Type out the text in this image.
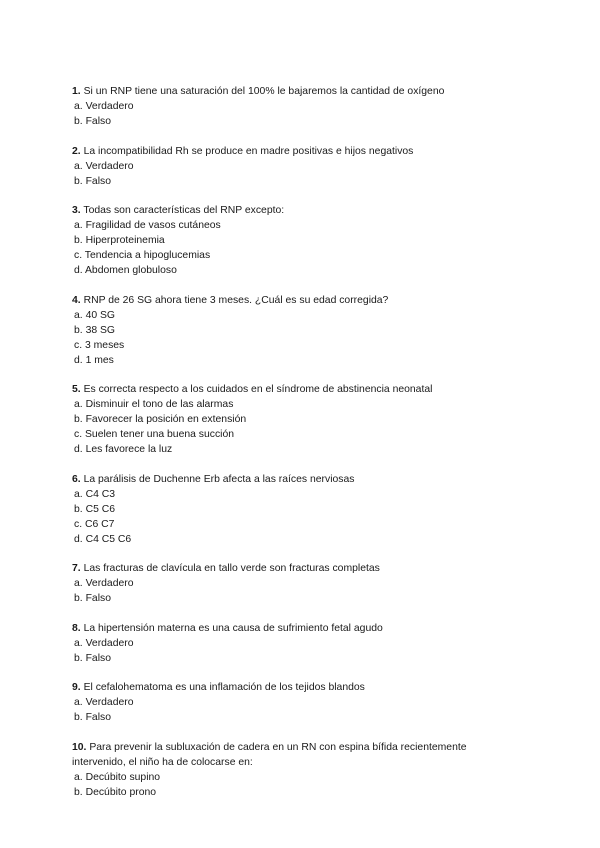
1. Si un RNP tiene una saturación del 100% le bajaremos la cantidad de oxígeno

a. Verdadero
b. Falso

2. La incompatibilidad Rh se produce en madre positivas e hijos negativos

a. Verdadero
b. Falso

3. Todas son características del RNP excepto:

a. Fragilidad de vasos cutáneos
b. Hiperproteinemia
c. Tendencia a hipoglucemias
d. Abdomen globuloso

4. RNP de 26 SG ahora tiene 3 meses. ¿Cuál es su edad corregida?

a. 40 SG
b. 38 SG
c. 3 meses
d. 1 mes

5. Es correcta respecto a los cuidados en el síndrome de abstinencia neonatal

a. Disminuir el tono de las alarmas
b. Favorecer la posición en extensión
c. Suelen tener una buena succión
d. Les favorece la luz

6. La parálisis de Duchenne Erb afecta a las raíces nerviosas

a. C4 C3
b. C5 C6
c. C6 C7
d. C4 C5 C6

7. Las fracturas de clavícula en tallo verde son fracturas completas

a. Verdadero
b. Falso

8. La hipertensión materna es una causa de sufrimiento fetal agudo

a. Verdadero
b. Falso

9. El cefalohematoma es una inflamación de los tejidos blandos

a. Verdadero
b. Falso

10. Para prevenir la subluxación de cadera en un RN con espina bífida recientemente intervenido, el niño ha de colocarse en:

a. Decúbito supino
b. Decúbito prono
